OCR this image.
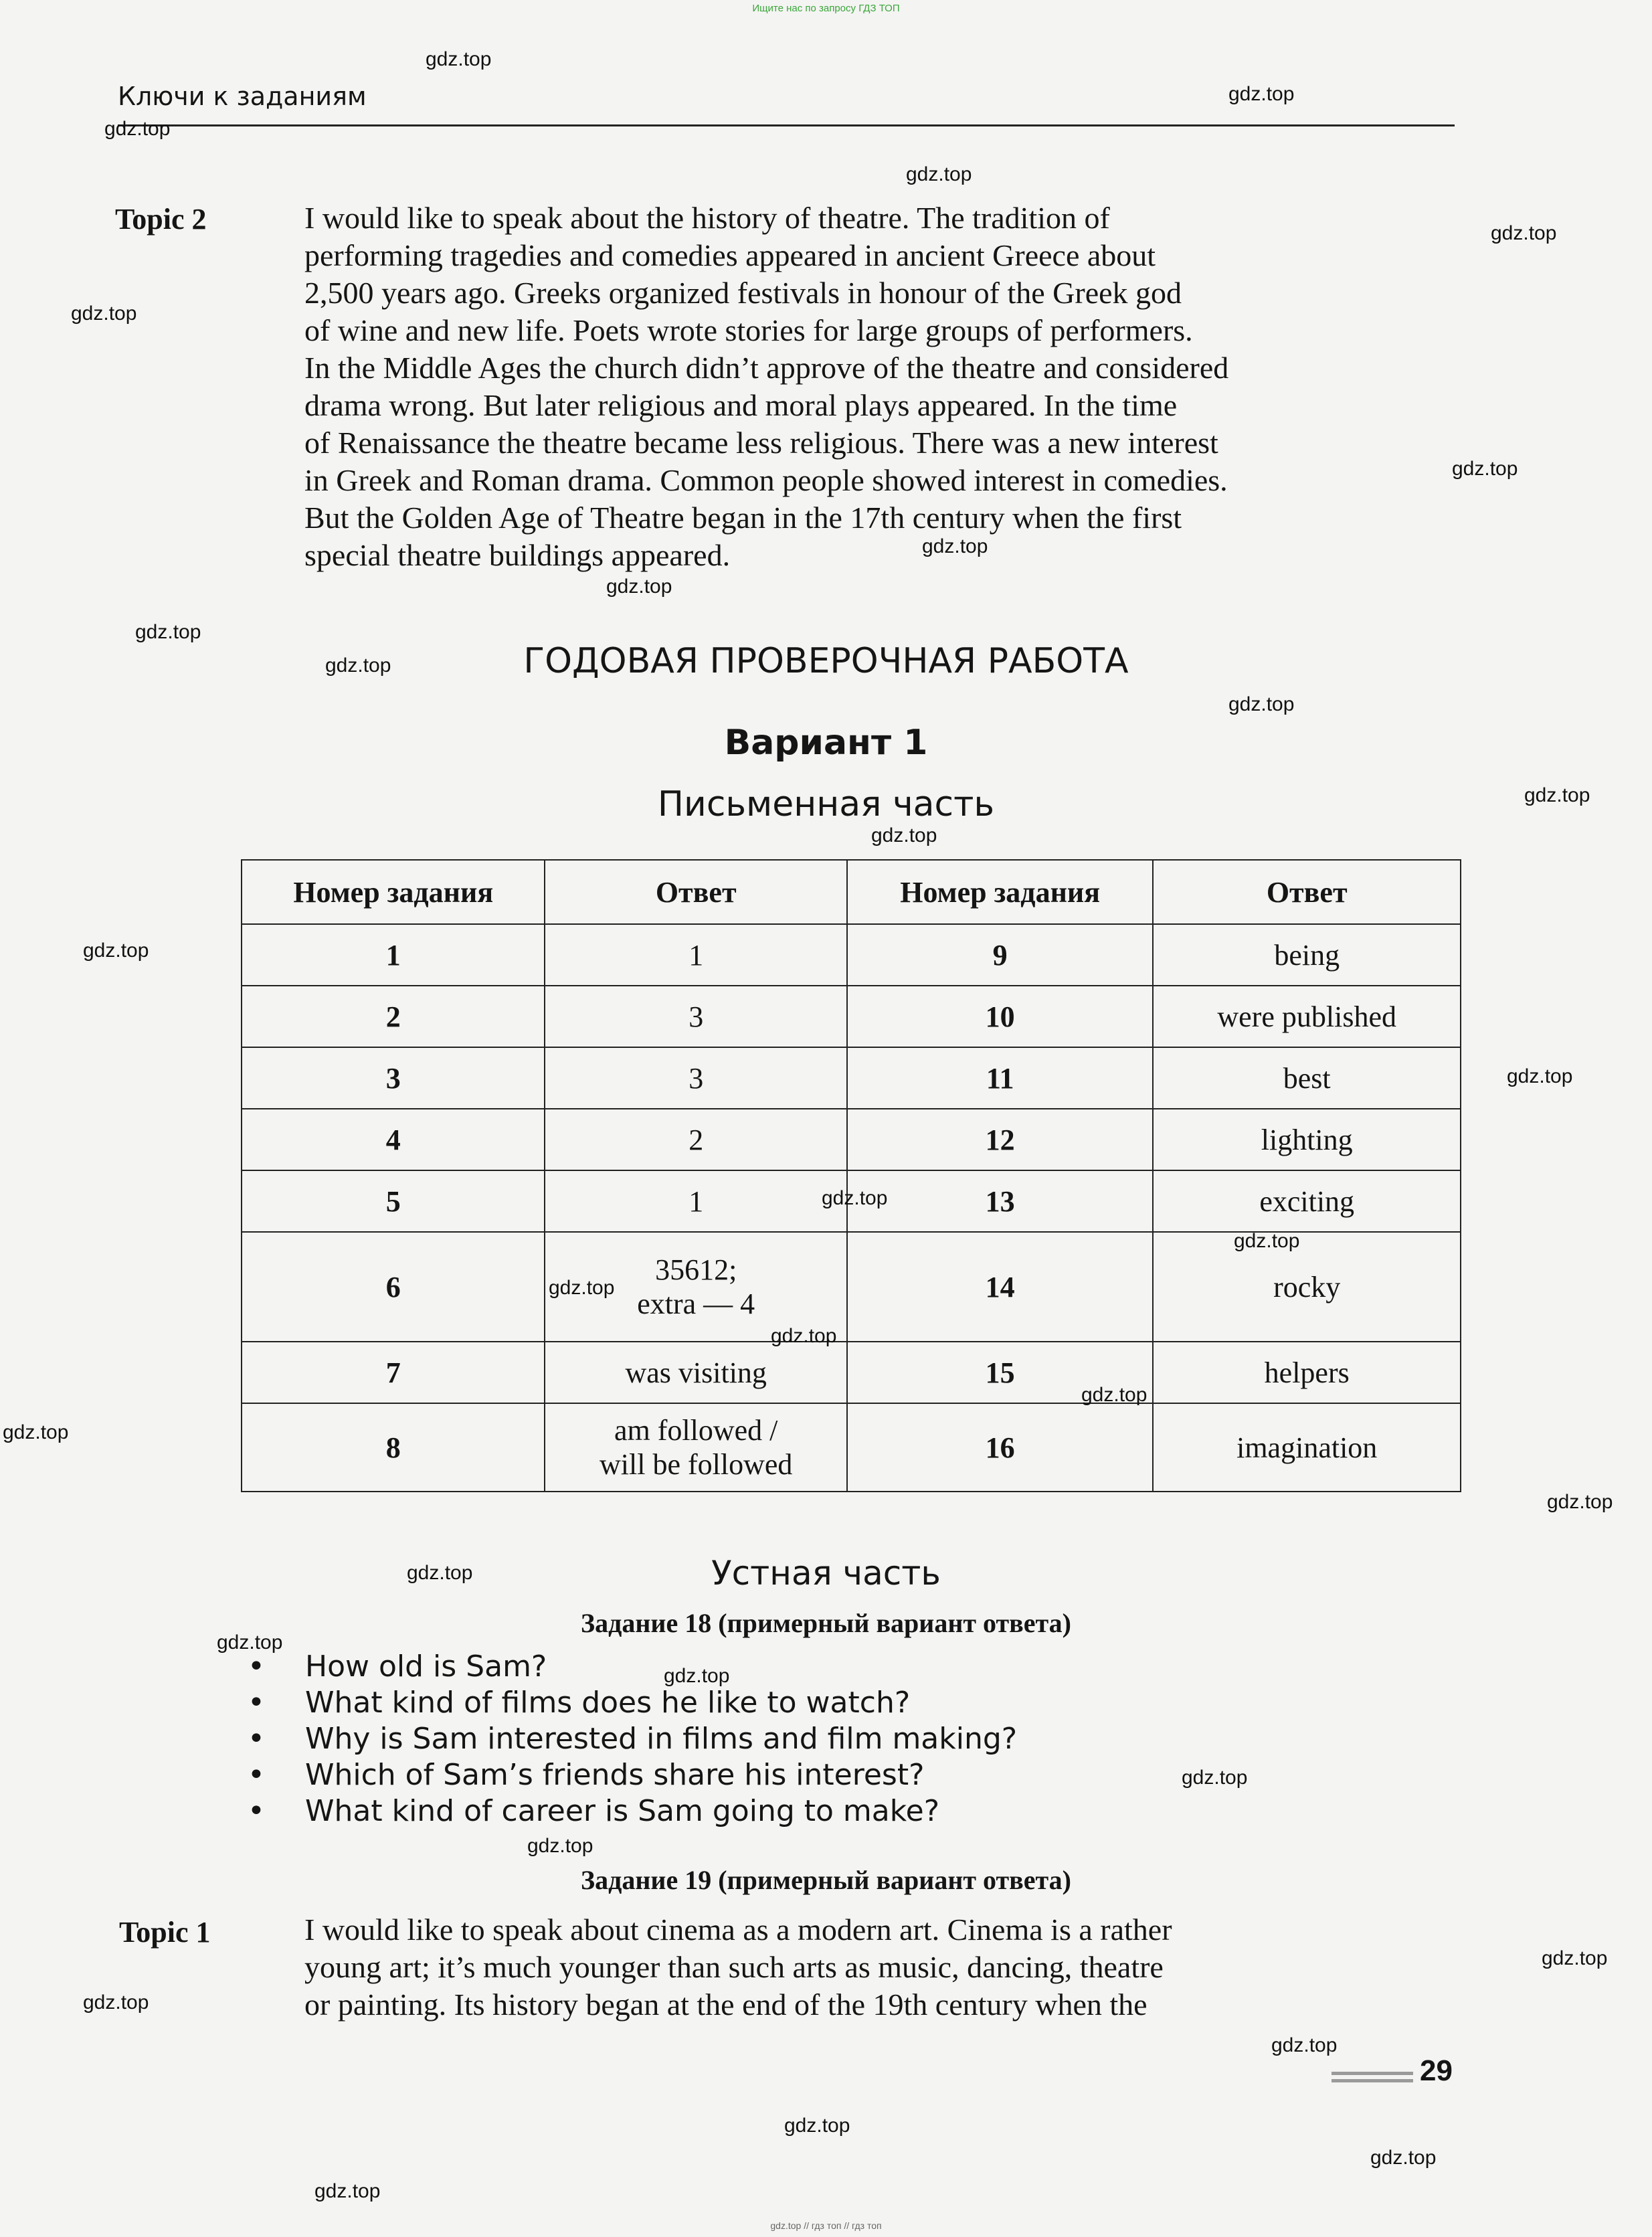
Ищите нас по запросу ГДЗ ТОП
Ключи к заданиям
Topic 2	I would like to speak about the history of theatre. The tradition of
performing tragedies and comedies appeared in ancient Greece about
2,500 years ago. Greeks organized festivals in honour of the Greek god
of wine and new life. Poets wrote stories for large groups of performers.
In the Middle Ages the church didn’t approve of the theatre and considered
drama wrong. But later religious and moral plays appeared. In the time
of Renaissance the theatre became less religious. There was a new interest
in Greek and Roman drama. Common people showed interest in comedies.
But the Golden Age of Theatre began in the 17th century when the first
special theatre buildings appeared.
ГОДОВАЯ ПРОВЕРОЧНАЯ РАБОТА
Вариант 1
Письменная часть
Номер задания	Ответ	Номер задания	Ответ
1	1	9	being
2	3	10	were published
3	3	11	best
4	2	12	lighting
5	1	13	exciting
6	35612;
extra — 4	14	rocky
7	was visiting	15	helpers
8	am followed /
will be followed	16	imagination
Устная часть
Задание 18 (примерный вариант ответа)
• How old is Sam?
• What kind of films does he like to watch?
• Why is Sam interested in films and film making?
• Which of Sam’s friends share his interest?
• What kind of career is Sam going to make?
Задание 19 (примерный вариант ответа)
Topic 1	I would like to speak about cinema as a modern art. Cinema is a rather
young art; it’s much younger than such arts as music, dancing, theatre
or painting. Its history began at the end of the 19th century when the
29
gdz.top
gdz.top
gdz.top
gdz.top
gdz.top
gdz.top
gdz.top
gdz.top
gdz.top
gdz.top
gdz.top
gdz.top
gdz.top
gdz.top
gdz.top
gdz.top
gdz.top
gdz.top
gdz.top
gdz.top
gdz.top
gdz.top
gdz.top
gdz.top
gdz.top
gdz.top
gdz.top
gdz.top
gdz.top
gdz.top
gdz.top
gdz.top
gdz.top
gdz.top
gdz.top // гдз топ // гдз топ
